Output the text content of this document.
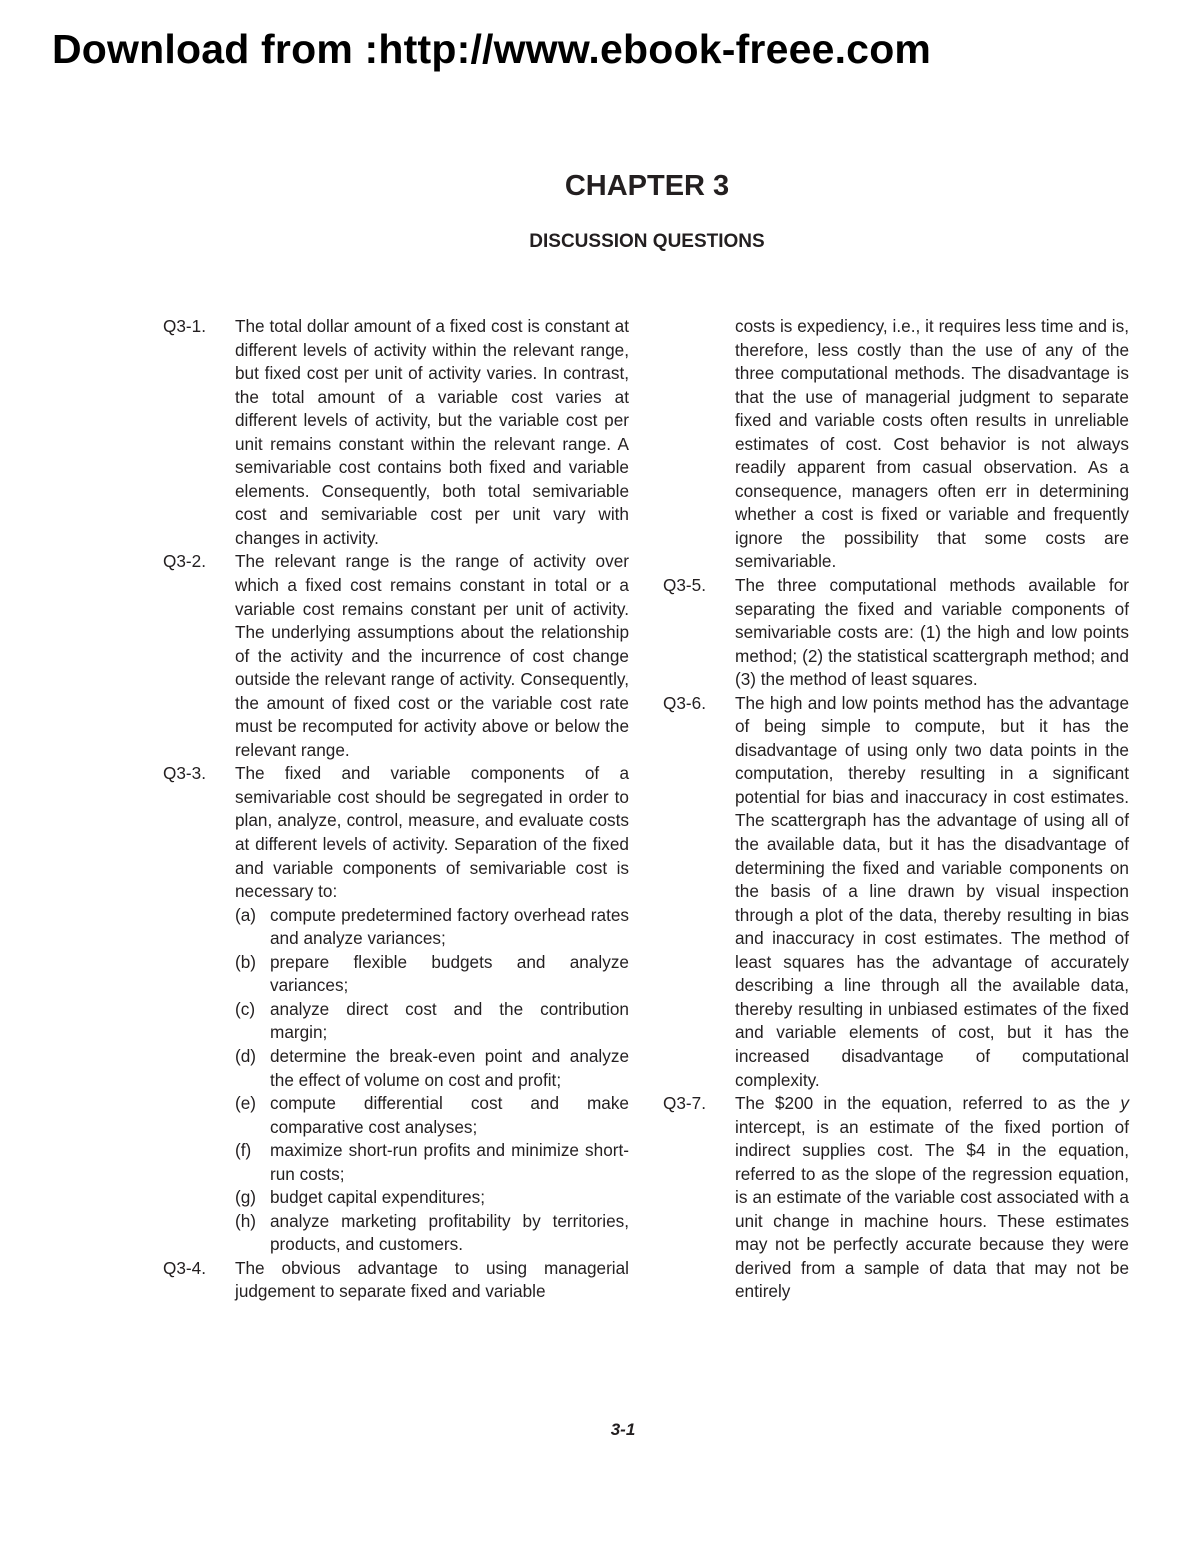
Download from :http://www.ebook-freee.com
CHAPTER 3
DISCUSSION QUESTIONS
Q3-1.	The total dollar amount of a fixed cost is constant at different levels of activity within the relevant range, but fixed cost per unit of activity varies. In contrast, the total amount of a variable cost varies at different levels of activity, but the variable cost per unit remains constant within the relevant range. A semivariable cost contains both fixed and variable elements. Consequently, both total semivariable cost and semivariable cost per unit vary with changes in activity.

Q3-2.	The relevant range is the range of activity over which a fixed cost remains constant in total or a variable cost remains constant per unit of activity. The underlying assumptions about the relationship of the activity and the incurrence of cost change outside the relevant range of activity. Consequently, the amount of fixed cost or the variable cost rate must be recomputed for activity above or below the relevant range.

Q3-3.	The fixed and variable components of a semivariable cost should be segregated in order to plan, analyze, control, measure, and evaluate costs at different levels of activity. Separation of the fixed and variable components of semivariable cost is necessary to:

(a) compute predetermined factory overhead rates and analyze variances;
(b) prepare flexible budgets and analyze variances;
(c) analyze direct cost and the contribution margin;
(d) determine the break-even point and analyze the effect of volume on cost and profit;
(e) compute differential cost and make comparative cost analyses;
(f)	maximize short-run profits and minimize short-run costs;
(g) budget capital expenditures;
(h) analyze marketing profitability by territories, products, and customers.
Q3-4.	The obvious advantage to using managerial judgement to separate fixed and variable

costs is expediency, i.e., it requires less time and is, therefore, less costly than the use of any of the three computational methods. The disadvantage is that the use of managerial judgment to separate fixed and variable costs often results in unreliable estimates of cost. Cost behavior is not always readily apparent from casual observation. As a consequence, managers often err in determining whether a cost is fixed or variable and frequently ignore the possibility that some costs are semivariable.

Q3-5.	The three computational methods available for separating the fixed and variable components of semivariable costs are: (1) the high and low points method; (2) the statistical scattergraph method; and (3) the method of least squares.

Q3-6.	The high and low points method has the advantage of being simple to compute, but it has the disadvantage of using only two data points in the computation, thereby resulting in a significant potential for bias and inaccuracy in cost estimates. The scattergraph has the advantage of using all of the available data, but it has the disadvantage of determining the fixed and variable components on the basis of a line drawn by visual inspection through a plot of the data, thereby resulting in bias and inaccuracy in cost estimates. The method of least squares has the advantage of accurately describing a line through all the available data, thereby resulting in unbiased estimates of the fixed and variable elements of cost, but it has the increased disadvantage of computational complexity.

Q3-7.	The $200 in the equation, referred to as the y intercept, is an estimate of the fixed portion of indirect supplies cost. The $4 in the equation, referred to as the slope of the regression equation, is an estimate of the variable cost associated with a unit change in machine hours. These estimates may not be perfectly accurate because they were derived from a sample of data that may not be entirely

3-1
